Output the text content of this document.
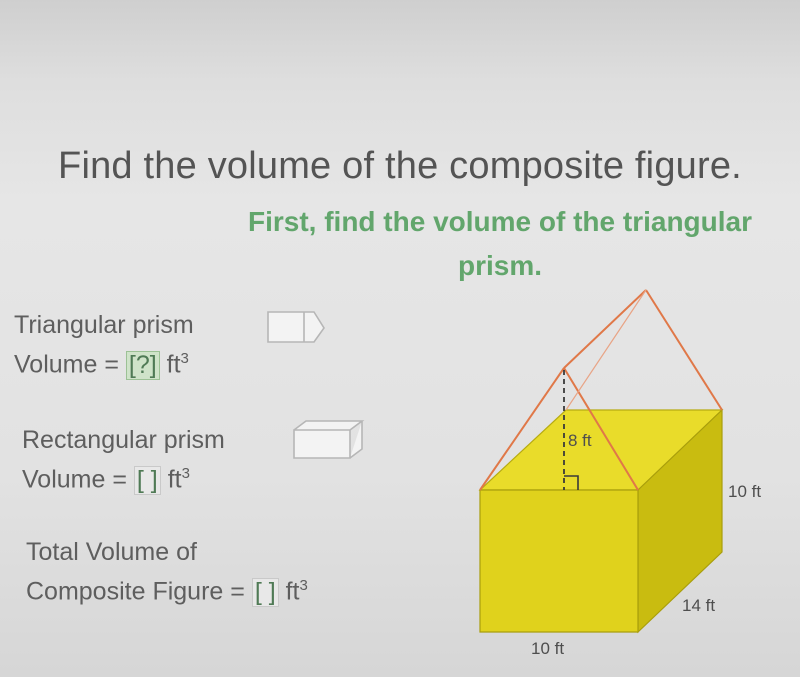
Find the volume of the composite figure.
First, find the volume of the triangular prism.
Triangular prism
Volume = [?] $ft^3$
Rectangular prism
Volume = [ ] $ft^3$
Total Volume of
Composite Figure = [ ] $ft^3$
8 ft
10 ft
14 ft
10 ft
